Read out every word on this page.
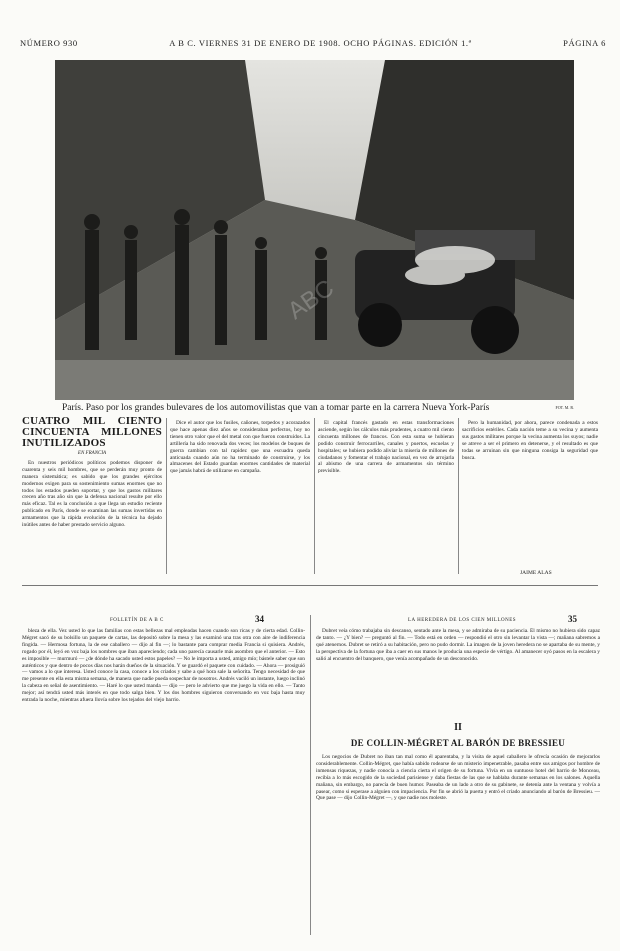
NÚMERO 930	A B C. VIERNES 31 DE ENERO DE 1908. OCHO PÁGINAS. EDICIÓN 1.ª	PÁGINA 6
ABC
París. Paso por los grandes bulevares de los automovilistas que van a tomar parte en la carrera Nueva York-París	FOT. M. R.
CUATRO MIL CIENTO CINCUENTA MILLONES INUTILIZADOS
EN FRANCIA

En nuestros periódicos políticos podemos disponer de cuarenta y seis mil hombres, que se perderán muy pronto de manera sistemática; es sabido que los grandes ejércitos modernos exigen para su sostenimiento sumas enormes que no todos los estados pueden soportar, y que los gastos militares crecen año tras año sin que la defensa nacional resulte por ello más eficaz. Tal es la conclusión a que llega un estudio reciente publicado en París, donde se examinan las sumas invertidas en armamentos que la rápida evolución de la técnica ha dejado inútiles antes de haber prestado servicio alguno.

Dice el autor que los fusiles, cañones, torpedos y acorazados que hace apenas diez años se consideraban perfectos, hoy no tienen otro valor que el del metal con que fueron construidos. La artillería ha sido renovada dos veces; los modelos de buques de guerra cambian con tal rapidez que una escuadra queda anticuada cuando aún no ha terminado de construirse, y los almacenes del Estado guardan enormes cantidades de material que jamás habrá de utilizarse en campaña.

El capital francés gastado en estas transformaciones asciende, según los cálculos más prudentes, a cuatro mil ciento cincuenta millones de francos. Con esta suma se hubieran podido construir ferrocarriles, canales y puertos, escuelas y hospitales; se hubiera podido aliviar la miseria de millones de ciudadanos y fomentar el trabajo nacional, en vez de arrojarla al abismo de una carrera de armamentos sin término previsible.

Pero la humanidad, por ahora, parece condenada a estos sacrificios estériles. Cada nación teme a su vecina y aumenta sus gastos militares porque la vecina aumenta los suyos; nadie se atreve a ser el primero en detenerse, y el resultado es que todas se arruinan sin que ninguna consiga la seguridad que busca.

JAIME ALAS
FOLLETÍN DE A B C	34	LA HEREDERA DE LOS CIEN MILLONES	35

bleza de ella. Vez usted lo que las familias con estas bellezas mal empleadas hacen cuando son ricas y de cierta edad. Collin-Mégret sacó de su bolsillo un paquete de cartas, las depositó sobre la mesa y las examinó una tras otra con aire de indiferencia fingida. — Hermosa fortuna, la de ese caballero — dijo al fin —; lo bastante para comprar media Francia si quisiera. Andrés, rogado por él, leyó en voz baja los nombres que iban apareciendo; cada uno parecía causarle más asombro que el anterior. — Esto es imposible — murmuró — ¿de dónde ha sacado usted estos papeles? — No le importa a usted, amigo mío; bástele saber que son auténticos y que dentro de pocos días nos harán dueños de la situación. Y se guardó el paquete con cuidado. — Ahora — prosiguió — vamos a lo que interesa. Usted conoce la casa, conoce a los criados y sabe a qué hora sale la señorita. Tengo necesidad de que me presente en ella esta misma semana, de manera que nadie pueda sospechar de nosotros. Andrés vaciló un instante, luego inclinó la cabeza en señal de asentimiento. — Haré lo que usted manda — dijo — pero le advierto que me juego la vida en ello. — Tanto mejor; así tendrá usted más interés en que todo salga bien. Y los dos hombres siguieron conversando en voz baja hasta muy entrada la noche, mientras afuera llovía sobre los tejados del viejo barrio.

Dubret veía cómo trabajaba sin descanso, sentado ante la mesa, y se admiraba de su paciencia. Él mismo no hubiera sido capaz de tanto. — ¿Y bien? — preguntó al fin. — Todo está en orden — respondió el otro sin levantar la vista —; mañana sabremos a qué atenernos. Dubret se retiró a su habitación, pero no pudo dormir. La imagen de la joven heredera no se apartaba de su mente, y la perspectiva de la fortuna que iba a caer en sus manos le producía una especie de vértigo. Al amanecer oyó pasos en la escalera y salió al encuentro del banquero, que venía acompañado de un desconocido.

II
DE COLLIN-MÉGRET AL BARÓN DE BRESSIEU

Los negocios de Dubret no iban tan mal como él aparentaba, y la visita de aquel caballero le ofrecía ocasión de mejorarlos considerablemente. Collin-Mégret, que había sabido rodearse de un misterio impenetrable, pasaba entre sus amigos por hombre de inmensas riquezas, y nadie conocía a ciencia cierta el origen de su fortuna. Vivía en un suntuoso hotel del barrio de Monceau, recibía a lo más escogido de la sociedad parisiense y daba fiestas de las que se hablaba durante semanas en los salones. Aquella mañana, sin embargo, no parecía de buen humor. Paseaba de un lado a otro de su gabinete, se detenía ante la ventana y volvía a pasear, como si esperase a alguien con impaciencia. Por fin se abrió la puerta y entró el criado anunciando al barón de Bressieu. — Que pase — dijo Collin-Mégret —, y que nadie nos moleste.
